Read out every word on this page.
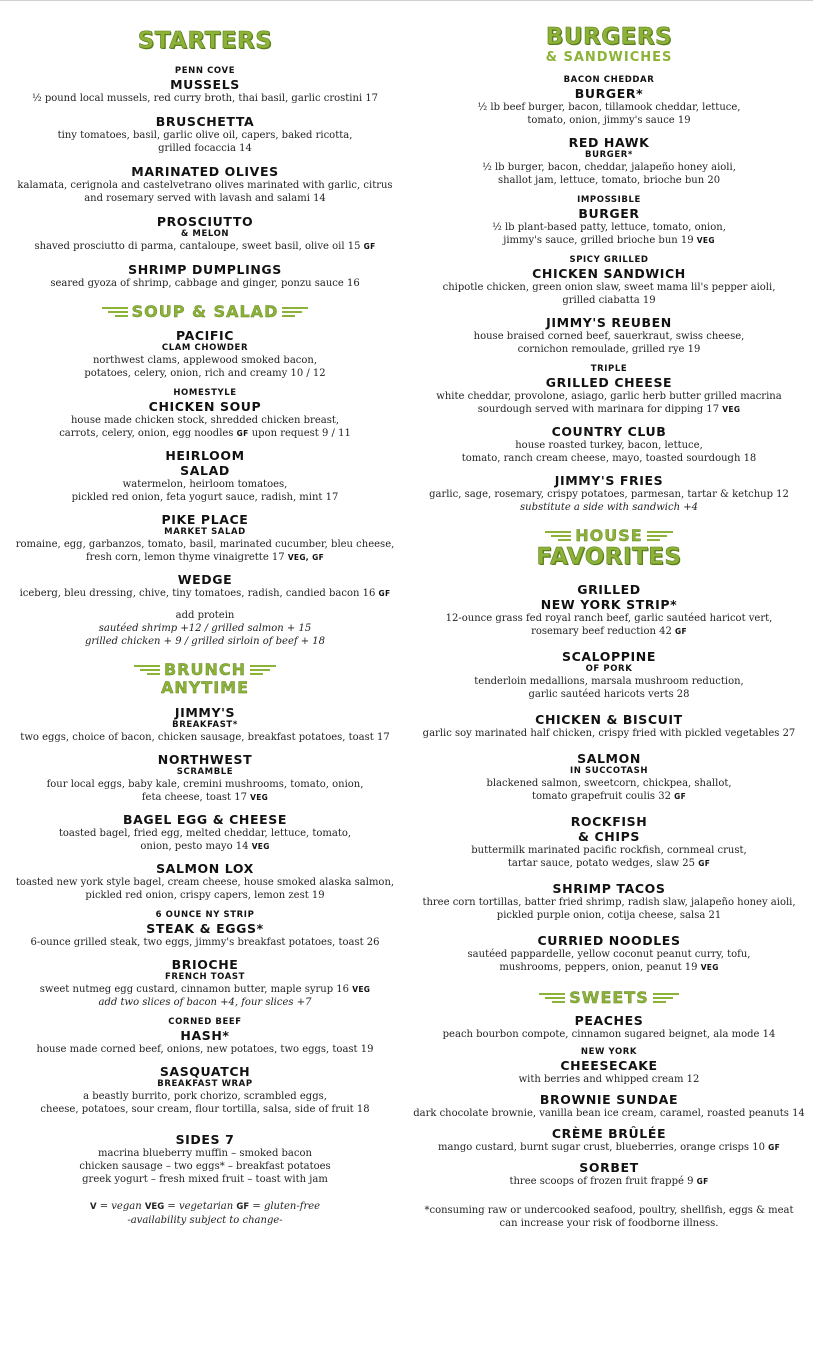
STARTERS
PENN COVE
MUSSELS
½ pound local mussels, red curry broth, thai basil, garlic crostini 17
BRUSCHETTA
tiny tomatoes, basil, garlic olive oil, capers, baked ricotta,
grilled focaccia 14
MARINATED OLIVES
kalamata, cerignola and castelvetrano olives marinated with garlic, citrus
and rosemary served with lavash and salami 14
PROSCIUTTO
& MELON
shaved prosciutto di parma, cantaloupe, sweet basil, olive oil 15 GF
SHRIMP DUMPLINGS
seared gyoza of shrimp, cabbage and ginger, ponzu sauce 16
SOUP & SALAD
PACIFIC
CLAM CHOWDER
northwest clams, applewood smoked bacon,
potatoes, celery, onion, rich and creamy 10 / 12
HOMESTYLE
CHICKEN SOUP
house made chicken stock, shredded chicken breast,
carrots, celery, onion, egg noodles GF upon request 9 / 11
HEIRLOOM
SALAD
watermelon, heirloom tomatoes,
pickled red onion, feta yogurt sauce, radish, mint 17
PIKE PLACE
MARKET SALAD
romaine, egg, garbanzos, tomato, basil, marinated cucumber, bleu cheese,
fresh corn, lemon thyme vinaigrette 17 VEG, GF
WEDGE
iceberg, bleu dressing, chive, tiny tomatoes, radish, candied bacon 16 GF
add protein
sautéed shrimp +12 / grilled salmon + 15
grilled chicken + 9 / grilled sirloin of beef + 18
BRUNCH
ANYTIME
JIMMY'S
BREAKFAST*
two eggs, choice of bacon, chicken sausage, breakfast potatoes, toast 17
NORTHWEST
SCRAMBLE
four local eggs, baby kale, cremini mushrooms, tomato, onion,
feta cheese, toast 17 VEG
BAGEL EGG & CHEESE
toasted bagel, fried egg, melted cheddar, lettuce, tomato,
onion, pesto mayo 14 VEG
SALMON LOX
toasted new york style bagel, cream cheese, house smoked alaska salmon,
pickled red onion, crispy capers, lemon zest 19
6 OUNCE NY STRIP
STEAK & EGGS*
6-ounce grilled steak, two eggs, jimmy's breakfast potatoes, toast 26
BRIOCHE
FRENCH TOAST
sweet nutmeg egg custard, cinnamon butter, maple syrup 16 VEG
add two slices of bacon +4, four slices +7
CORNED BEEF
HASH*
house made corned beef, onions, new potatoes, two eggs, toast 19
SASQUATCH
BREAKFAST WRAP
a beastly burrito, pork chorizo, scrambled eggs,
cheese, potatoes, sour cream, flour tortilla, salsa, side of fruit 18
SIDES 7
macrina blueberry muffin – smoked bacon
chicken sausage – two eggs* – breakfast potatoes
greek yogurt – fresh mixed fruit – toast with jam
V = vegan VEG = vegetarian GF = gluten-free
-availability subject to change-
BURGERS
& SANDWICHES
BACON CHEDDAR
BURGER*
½ lb beef burger, bacon, tillamook cheddar, lettuce,
tomato, onion, jimmy's sauce 19
RED HAWK
BURGER*
½ lb burger, bacon, cheddar, jalapeño honey aioli,
shallot jam, lettuce, tomato, brioche bun 20
IMPOSSIBLE
BURGER
½ lb plant-based patty, lettuce, tomato, onion,
jimmy's sauce, grilled brioche bun 19 VEG
SPICY GRILLED
CHICKEN SANDWICH
chipotle chicken, green onion slaw, sweet mama lil's pepper aioli,
grilled ciabatta 19
JIMMY'S REUBEN
house braised corned beef, sauerkraut, swiss cheese,
cornichon remoulade, grilled rye 19
TRIPLE
GRILLED CHEESE
white cheddar, provolone, asiago, garlic herb butter grilled macrina
sourdough served with marinara for dipping 17 VEG
COUNTRY CLUB
house roasted turkey, bacon, lettuce,
tomato, ranch cream cheese, mayo, toasted sourdough 18
JIMMY'S FRIES
garlic, sage, rosemary, crispy potatoes, parmesan, tartar & ketchup 12
substitute a side with sandwich +4
HOUSE
FAVORITES
GRILLED
NEW YORK STRIP*
12-ounce grass fed royal ranch beef, garlic sautéed haricot vert,
rosemary beef reduction 42 GF
SCALOPPINE
OF PORK
tenderloin medallions, marsala mushroom reduction,
garlic sautéed haricots verts 28
CHICKEN & BISCUIT
garlic soy marinated half chicken, crispy fried with pickled vegetables 27
SALMON
IN SUCCOTASH
blackened salmon, sweetcorn, chickpea, shallot,
tomato grapefruit coulis 32 GF
ROCKFISH
& CHIPS
buttermilk marinated pacific rockfish, cornmeal crust,
tartar sauce, potato wedges, slaw 25 GF
SHRIMP TACOS
three corn tortillas, batter fried shrimp, radish slaw, jalapeño honey aioli,
pickled purple onion, cotija cheese, salsa 21
CURRIED NOODLES
sautéed pappardelle, yellow coconut peanut curry, tofu,
mushrooms, peppers, onion, peanut 19 VEG
SWEETS
PEACHES
peach bourbon compote, cinnamon sugared beignet, ala mode 14
NEW YORK
CHEESECAKE
with berries and whipped cream 12
BROWNIE SUNDAE
dark chocolate brownie, vanilla bean ice cream, caramel, roasted peanuts 14
CRÈME BRÛLÉE
mango custard, burnt sugar crust, blueberries, orange crisps 10 GF
SORBET
three scoops of frozen fruit frappé 9 GF
*consuming raw or undercooked seafood, poultry, shellfish, eggs & meat
can increase your risk of foodborne illness.
